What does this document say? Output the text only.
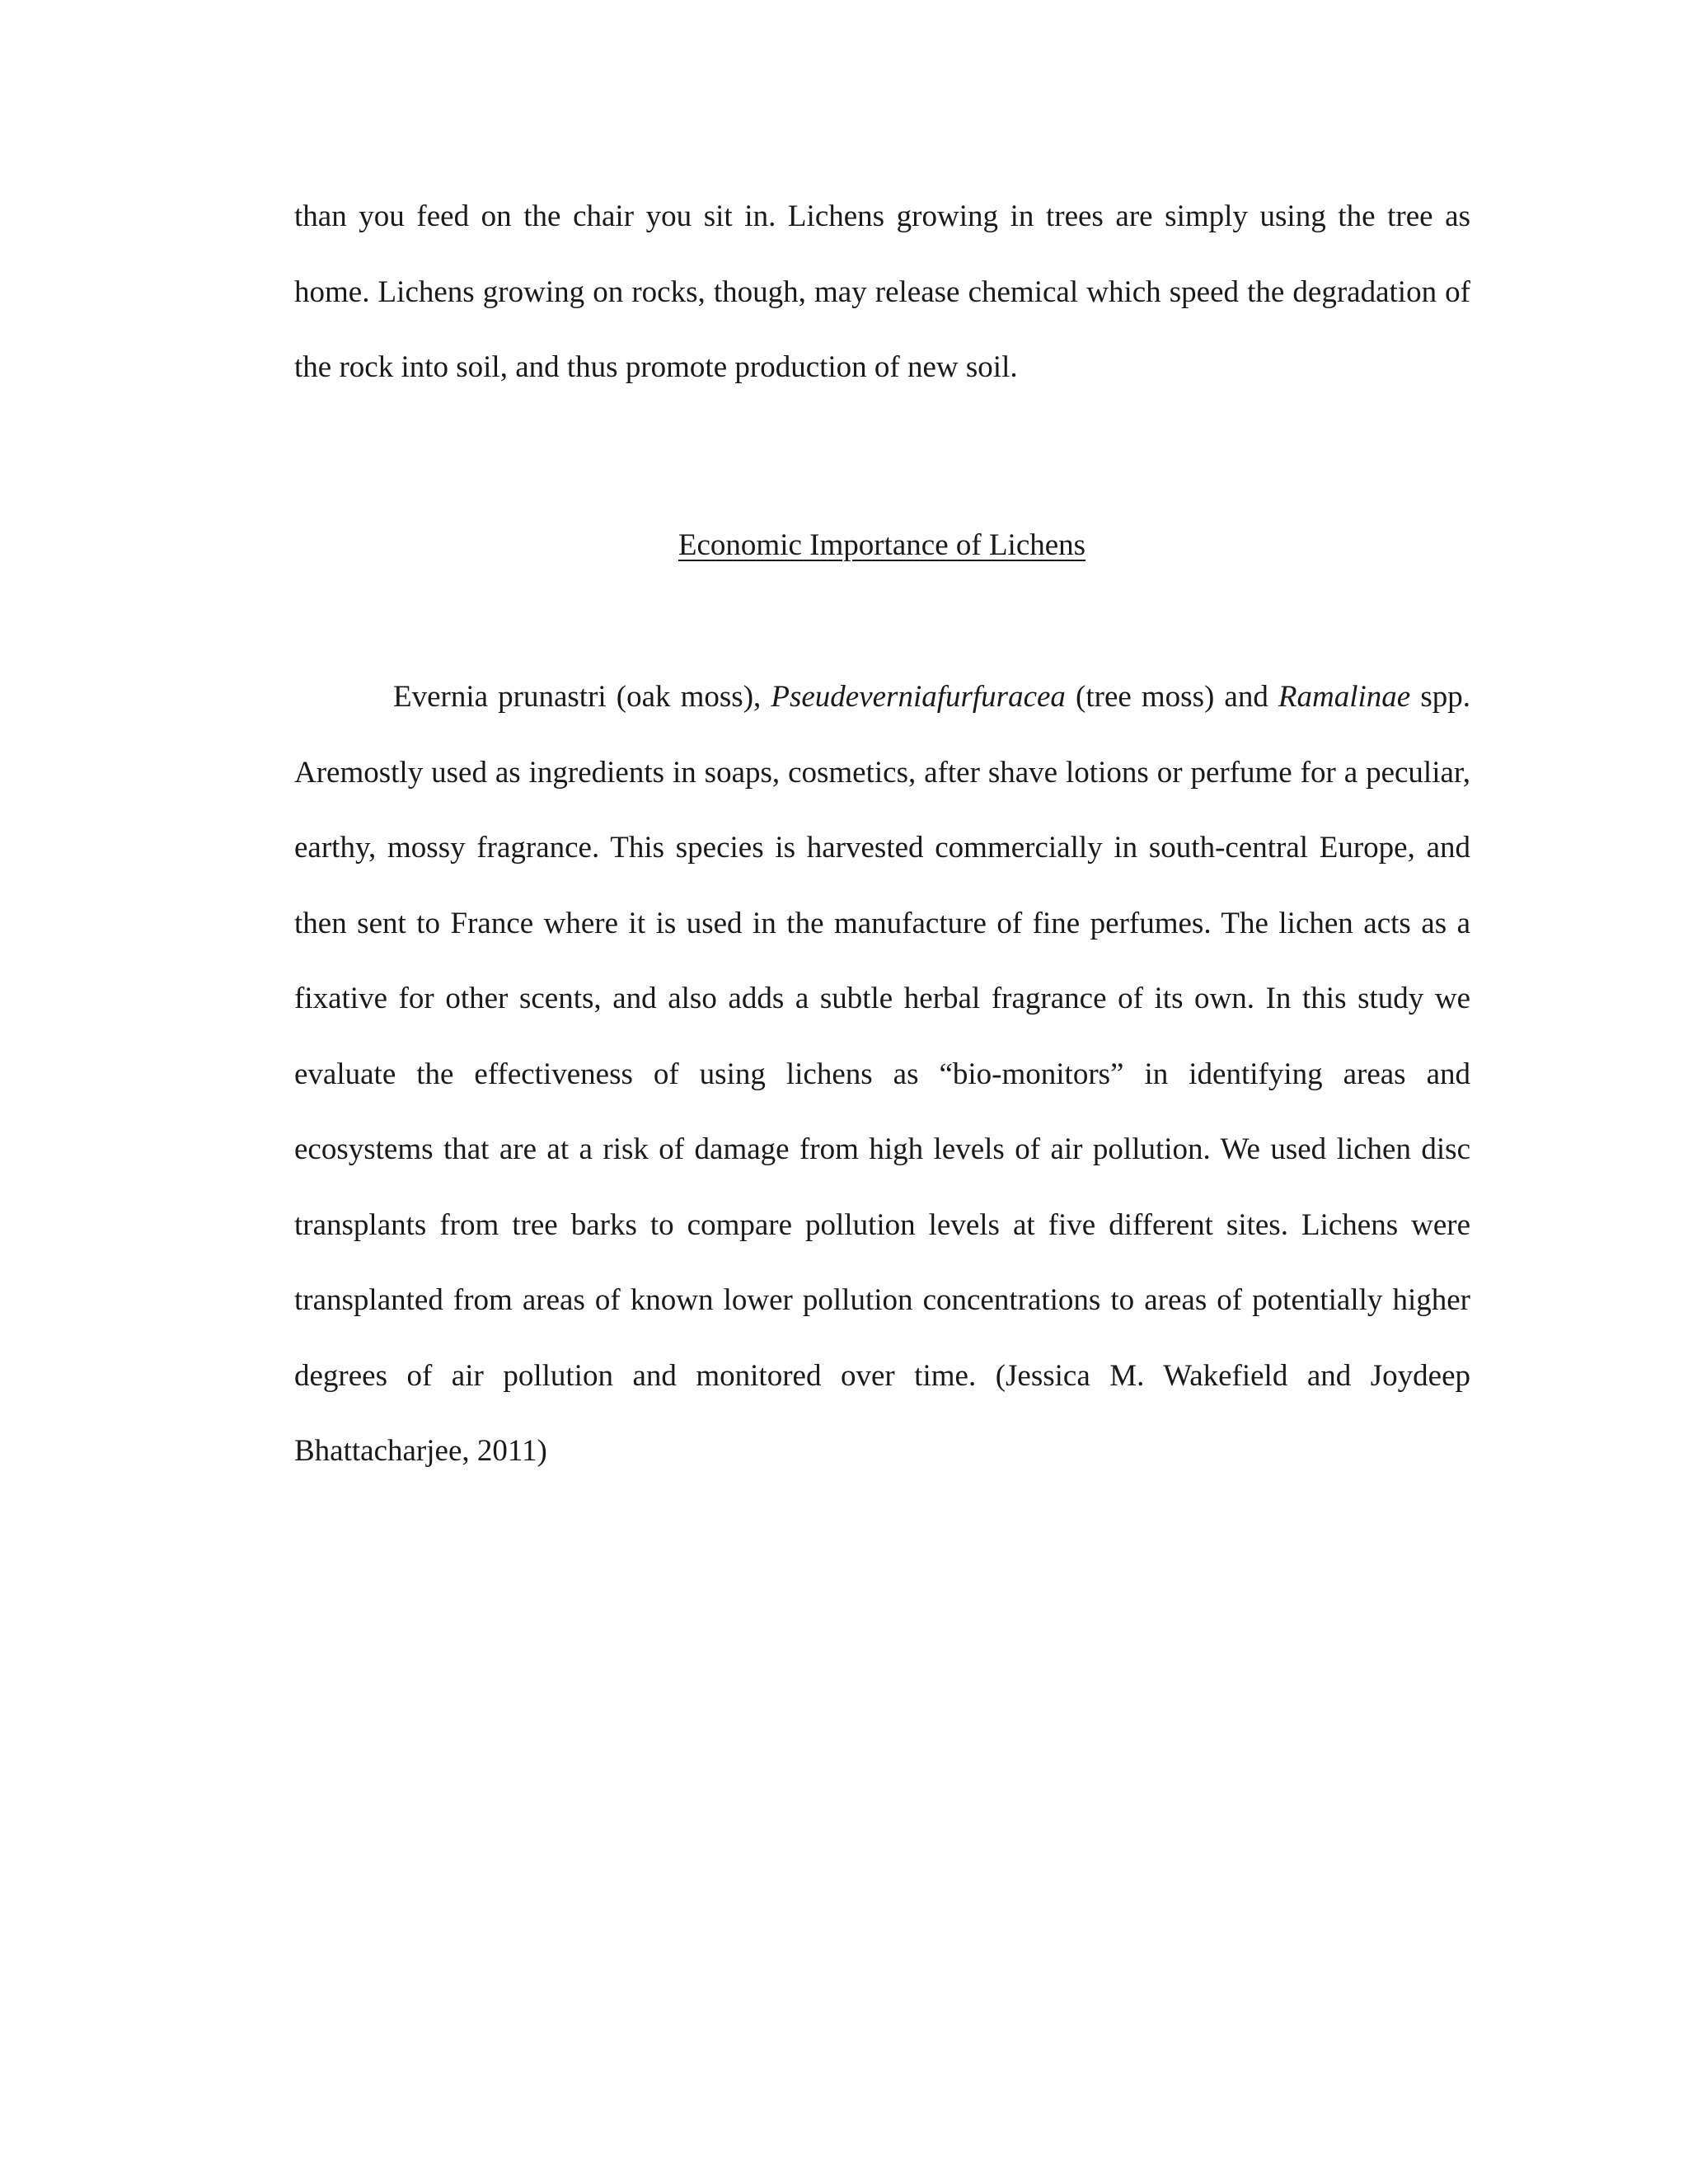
than you feed on the chair you sit in. Lichens growing in trees are simply using the tree as home. Lichens growing on rocks, though, may release chemical which speed the degradation of the rock into soil, and thus promote production of new soil.

Economic Importance of Lichens

Evernia prunastri (oak moss), Pseudeverniafurfuracea (tree moss) and Ramalinae spp. Aremostly used as ingredients in soaps, cosmetics, after shave lotions or perfume for a peculiar, earthy, mossy fragrance. This species is harvested commercially in south-central Europe, and then sent to France where it is used in the manufacture of fine perfumes. The lichen acts as a fixative for other scents, and also adds a subtle herbal fragrance of its own. In this study we evaluate the effectiveness of using lichens as “bio-monitors” in identifying areas and ecosystems that are at a risk of damage from high levels of air pollution. We used lichen disc transplants from tree barks to compare pollution levels at five different sites. Lichens were transplanted from areas of known lower pollution concentrations to areas of potentially higher degrees of air pollution and monitored over time. (Jessica M. Wakefield and Joydeep Bhattacharjee, 2011)
